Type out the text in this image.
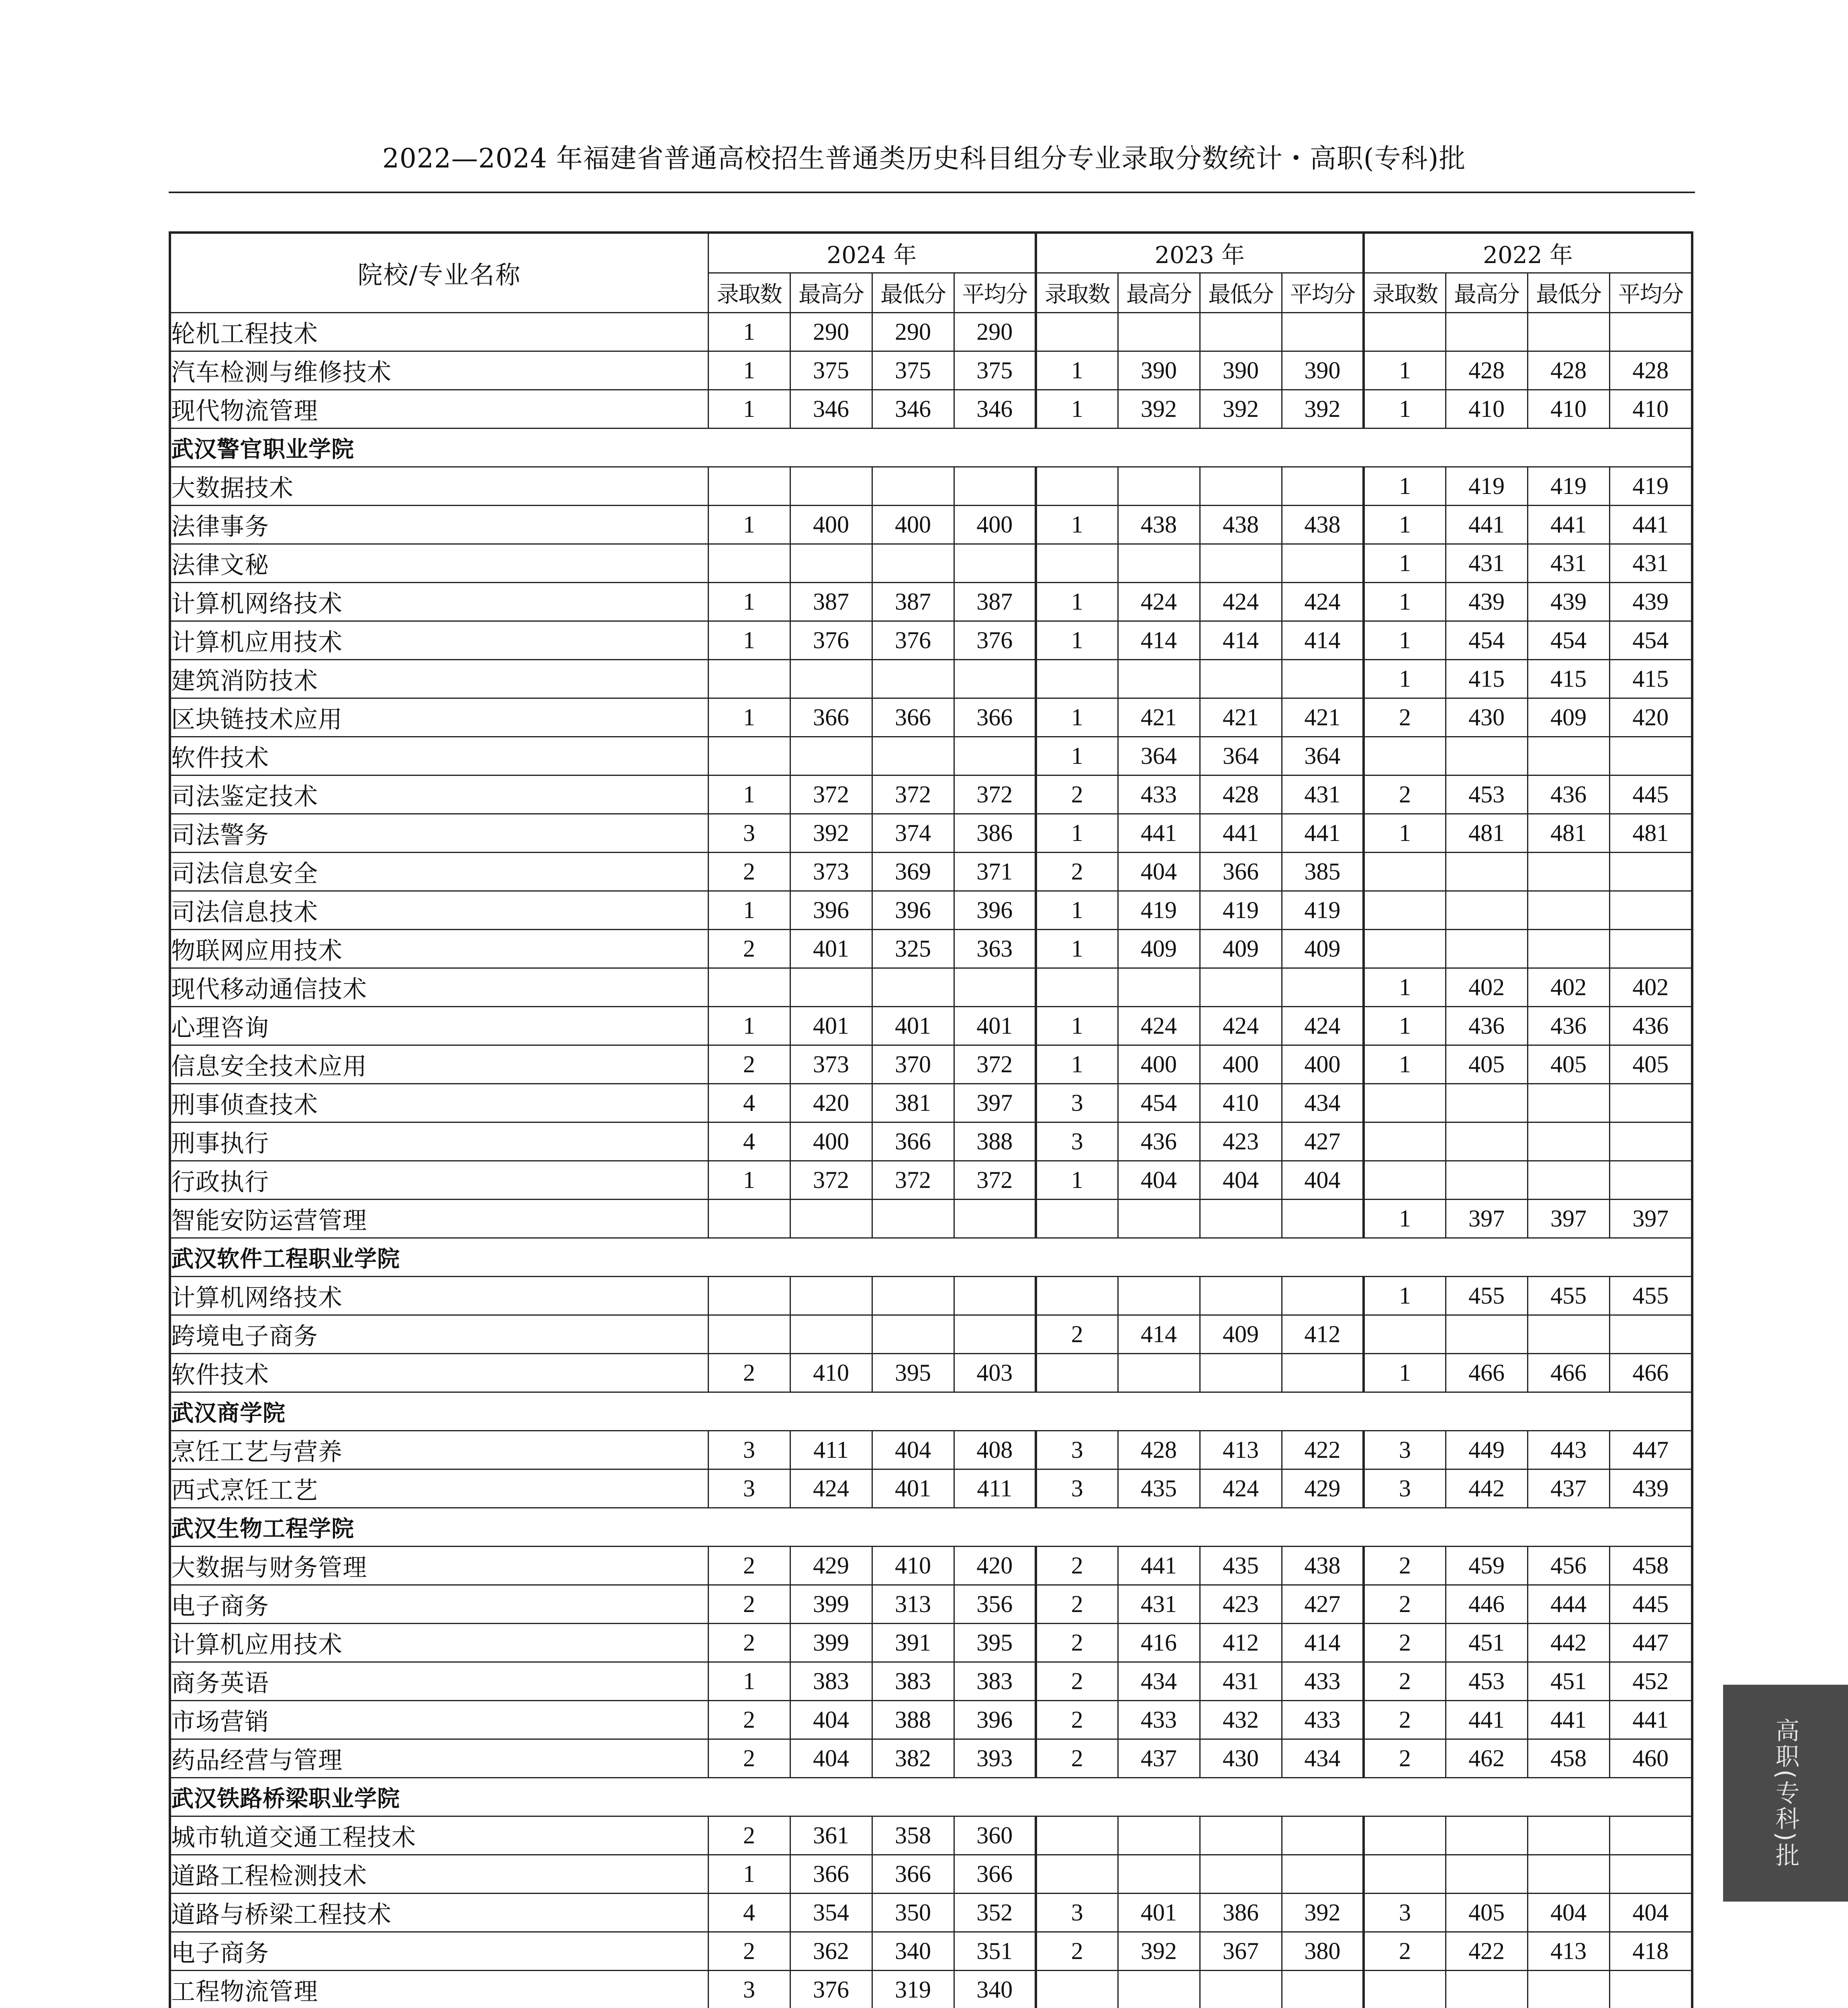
2022—2024 年福建省普通高校招生普通类历史科目组分专业录取分数统计・高职(专科)批
院校/专业名称	2024 年				2023 年				2022 年			
	录取数	最高分	最低分	平均分	录取数	最高分	最低分	平均分	录取数	最高分	最低分	平均分
轮机工程技术	1	290	290	290								
汽车检测与维修技术	1	375	375	375	1	390	390	390	1	428	428	428
现代物流管理	1	346	346	346	1	392	392	392	1	410	410	410
武汉警官职业学院												
大数据技术									1	419	419	419
法律事务	1	400	400	400	1	438	438	438	1	441	441	441
法律文秘									1	431	431	431
计算机网络技术	1	387	387	387	1	424	424	424	1	439	439	439
计算机应用技术	1	376	376	376	1	414	414	414	1	454	454	454
建筑消防技术									1	415	415	415
区块链技术应用	1	366	366	366	1	421	421	421	2	430	409	420
软件技术					1	364	364	364				
司法鉴定技术	1	372	372	372	2	433	428	431	2	453	436	445
司法警务	3	392	374	386	1	441	441	441	1	481	481	481
司法信息安全	2	373	369	371	2	404	366	385				
司法信息技术	1	396	396	396	1	419	419	419				
物联网应用技术	2	401	325	363	1	409	409	409				
现代移动通信技术									1	402	402	402
心理咨询	1	401	401	401	1	424	424	424	1	436	436	436
信息安全技术应用	2	373	370	372	1	400	400	400	1	405	405	405
刑事侦查技术	4	420	381	397	3	454	410	434				
刑事执行	4	400	366	388	3	436	423	427				
行政执行	1	372	372	372	1	404	404	404				
智能安防运营管理									1	397	397	397
武汉软件工程职业学院												
计算机网络技术									1	455	455	455
跨境电子商务					2	414	409	412				
软件技术	2	410	395	403					1	466	466	466
武汉商学院												
烹饪工艺与营养	3	411	404	408	3	428	413	422	3	449	443	447
西式烹饪工艺	3	424	401	411	3	435	424	429	3	442	437	439
武汉生物工程学院												
大数据与财务管理	2	429	410	420	2	441	435	438	2	459	456	458
电子商务	2	399	313	356	2	431	423	427	2	446	444	445
计算机应用技术	2	399	391	395	2	416	412	414	2	451	442	447
商务英语	1	383	383	383	2	434	431	433	2	453	451	452
市场营销	2	404	388	396	2	433	432	433	2	441	441	441
药品经营与管理	2	404	382	393	2	437	430	434	2	462	458	460
武汉铁路桥梁职业学院												
城市轨道交通工程技术	2	361	358	360								
道路工程检测技术	1	366	366	366								
道路与桥梁工程技术	4	354	350	352	3	401	386	392	3	405	404	404
电子商务	2	362	340	351	2	392	367	380	2	422	413	418
工程物流管理	3	376	319	340								

高职(专科)批
